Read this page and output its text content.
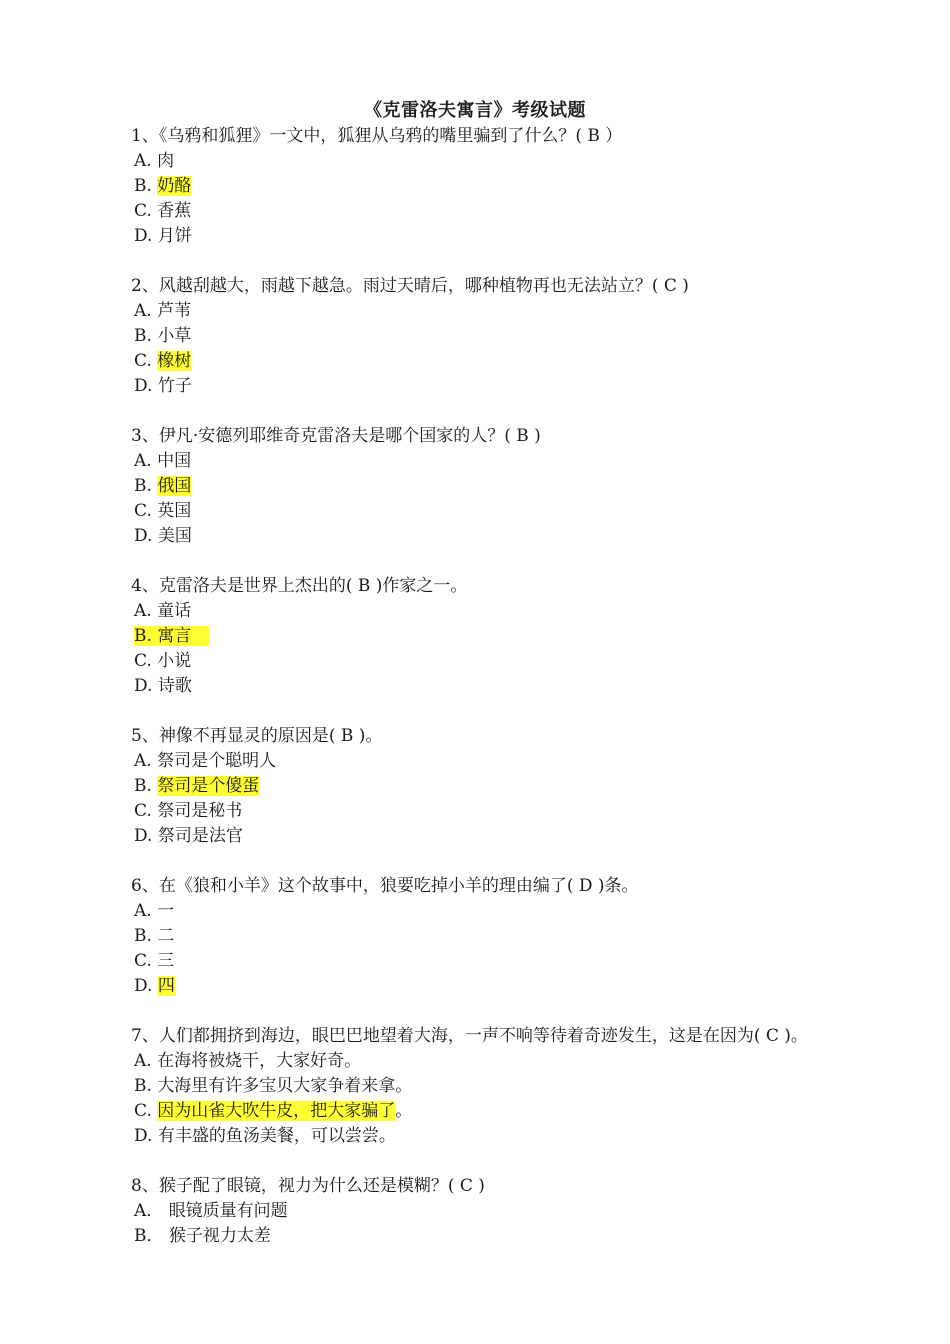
《克雷洛夫寓言》考级试题
1、《乌鸦和狐狸》一文中，狐狸从乌鸦的嘴里骗到了什么？( B ）
A. 肉
B. 奶酪
C. 香蕉
D. 月饼
2、风越刮越大，雨越下越急。雨过天晴后，哪种植物再也无法站立？( C )
A. 芦苇
B. 小草
C. 橡树
D. 竹子
3、伊凡·安德列耶维奇克雷洛夫是哪个国家的人？( B )
A. 中国
B. 俄国
C. 英国
D. 美国
4、克雷洛夫是世界上杰出的( B )作家之一。
A. 童话
B. 寓言
C. 小说
D. 诗歌
5、神像不再显灵的原因是( B )。
A. 祭司是个聪明人
B. 祭司是个傻蛋
C. 祭司是秘书
D. 祭司是法官
6、在《狼和小羊》这个故事中，狼要吃掉小羊的理由编了( D )条。
A. 一
B. 二
C. 三
D. 四
7、人们都拥挤到海边，眼巴巴地望着大海，一声不响等待着奇迹发生，这是在因为( C )。
A. 在海将被烧干，大家好奇。
B. 大海里有许多宝贝大家争着来拿。
C. 因为山雀大吹牛皮，把大家骗了。
D. 有丰盛的鱼汤美餐，可以尝尝。
8、猴子配了眼镜，视力为什么还是模糊？( C )
A． 眼镜质量有问题
B． 猴子视力太差
